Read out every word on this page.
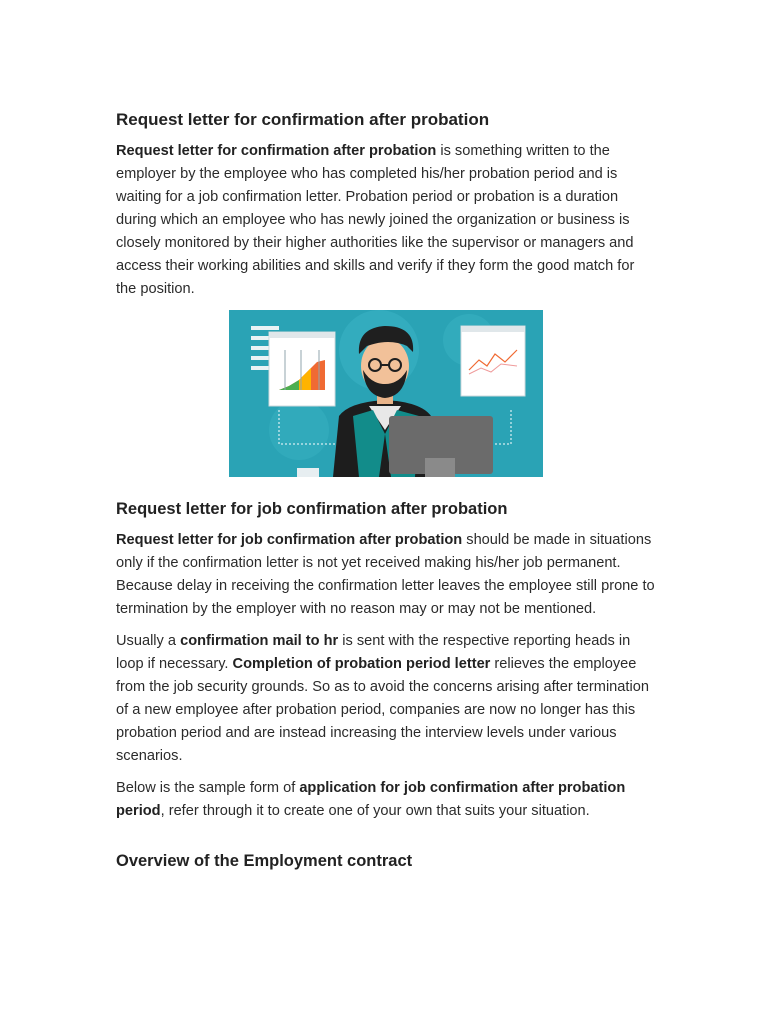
Request letter for confirmation after probation

Request letter for confirmation after probation is something written to the employer by the employee who has completed his/her probation period and is waiting for a job confirmation letter. Probation period or probation is a duration during which an employee who has newly joined the organization or business is closely monitored by their higher authorities like the supervisor or managers and access their working abilities and skills and verify if they form the good match for the position.

Request letter for job confirmation after probation

Request letter for job confirmation after probation should be made in situations only if the confirmation letter is not yet received making his/her job permanent. Because delay in receiving the confirmation letter leaves the employee still prone to termination by the employer with no reason may or may not be mentioned.

Usually a confirmation mail to hr is sent with the respective reporting heads in loop if necessary. Completion of probation period letter relieves the employee from the job security grounds. So as to avoid the concerns arising after termination of a new employee after probation period, companies are now no longer has this probation period and are instead increasing the interview levels under various scenarios.

Below is the sample form of application for job confirmation after probation period, refer through it to create one of your own that suits your situation.

Overview of the Employment contract
